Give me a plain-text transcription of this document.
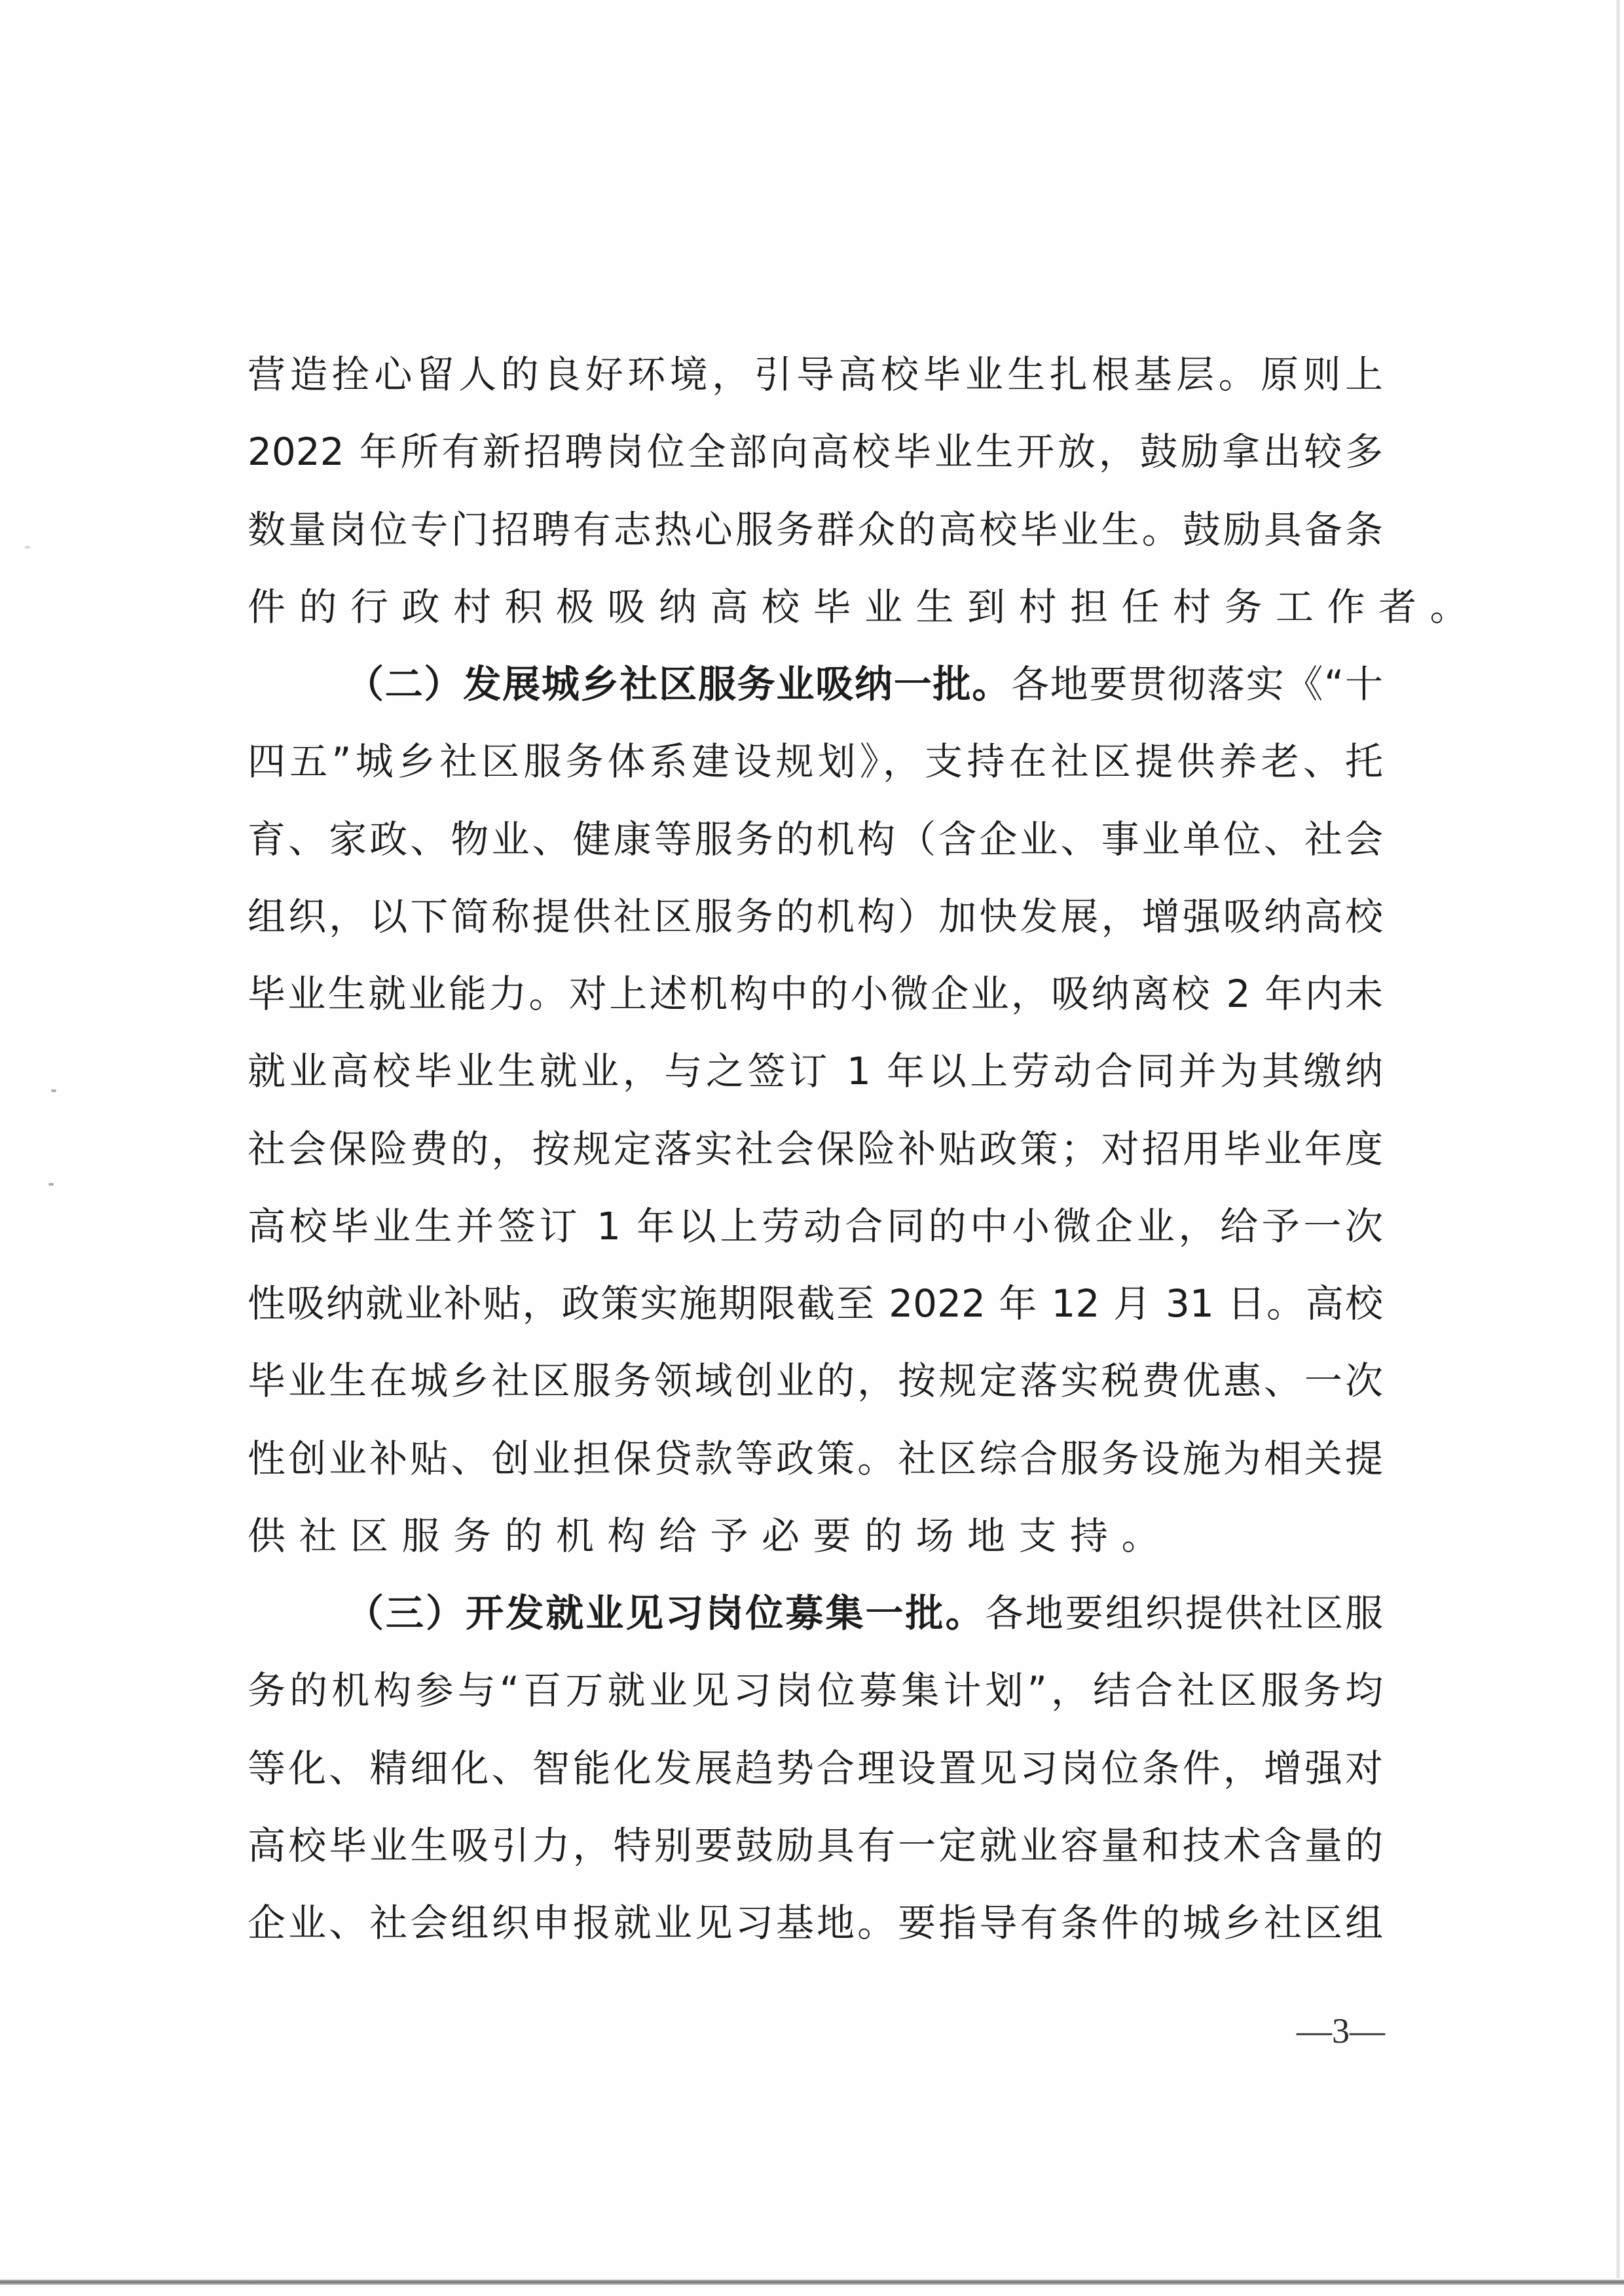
营造拴心留人的良好环境，引导高校毕业生扎根基层。原则上
2022 年所有新招聘岗位全部向高校毕业生开放，鼓励拿出较多
数量岗位专门招聘有志热心服务群众的高校毕业生。鼓励具备条
件的行政村积极吸纳高校毕业生到村担任村务工作者。
（二）发展城乡社区服务业吸纳一批。各地要贯彻落实《“十
四五”城乡社区服务体系建设规划》，支持在社区提供养老、托
育、家政、物业、健康等服务的机构（含企业、事业单位、社会
组织，以下简称提供社区服务的机构）加快发展，增强吸纳高校
毕业生就业能力。对上述机构中的小微企业，吸纳离校 2 年内未
就业高校毕业生就业，与之签订 1 年以上劳动合同并为其缴纳
社会保险费的，按规定落实社会保险补贴政策；对招用毕业年度
高校毕业生并签订 1 年以上劳动合同的中小微企业，给予一次
性吸纳就业补贴，政策实施期限截至 2022 年 12 月 31 日。高校
毕业生在城乡社区服务领域创业的，按规定落实税费优惠、一次
性创业补贴、创业担保贷款等政策。社区综合服务设施为相关提
供社区服务的机构给予必要的场地支持。
（三）开发就业见习岗位募集一批。各地要组织提供社区服
务的机构参与“百万就业见习岗位募集计划”，结合社区服务均
等化、精细化、智能化发展趋势合理设置见习岗位条件，增强对
高校毕业生吸引力，特别要鼓励具有一定就业容量和技术含量的
企业、社会组织申报就业见习基地。要指导有条件的城乡社区组
—3—
